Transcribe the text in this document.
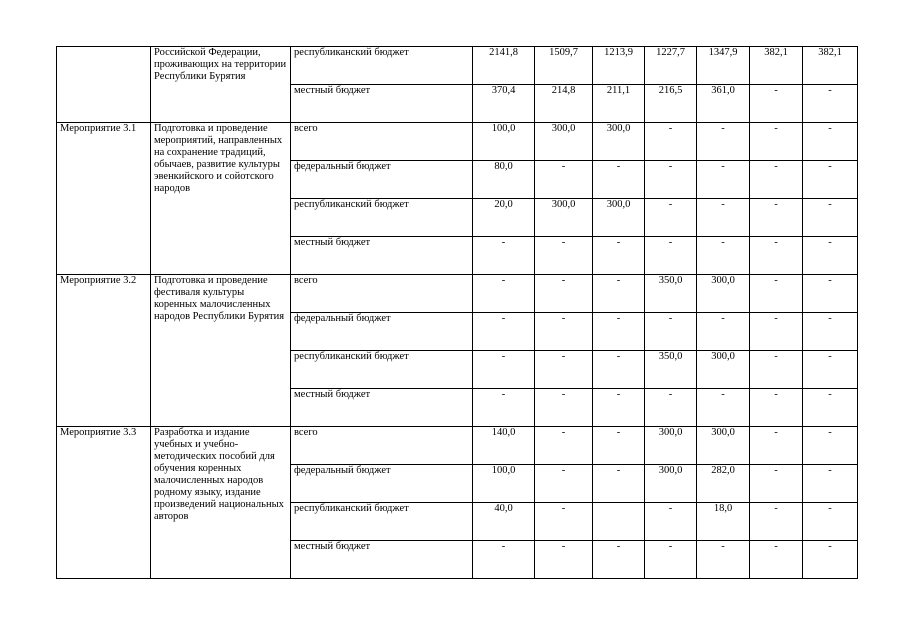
	Российской Федерации, проживающих на территории Республики Бурятия	республиканский бюджет	2141,8	1509,7	1213,9	1227,7	1347,9	382,1	382,1
		местный бюджет	370,4	214,8	211,1	216,5	361,0	-	-
Мероприятие 3.1	Подготовка и проведение мероприятий, направленных на сохранение традиций, обычаев, развитие культуры эвенкийского и сойотского народов	всего	100,0	300,0	300,0	-	-	-	-
		федеральный бюджет	80,0	-	-	-	-	-	-
		республиканский бюджет	20,0	300,0	300,0	-	-	-	-
		местный бюджет	-	-	-	-	-	-	-
Мероприятие 3.2	Подготовка и проведение фестиваля культуры коренных малочисленных народов Республики Бурятия	всего	-	-	-	350,0	300,0	-	-
		федеральный бюджет	-	-	-	-	-	-	-
		республиканский бюджет	-	-	-	350,0	300,0	-	-
		местный бюджет	-	-	-	-	-	-	-
Мероприятие 3.3	Разработка и издание учебных и учебно-методических пособий для обучения коренных малочисленных народов родному языку, издание произведений национальных авторов	всего	140,0	-	-	300,0	300,0	-	-
		федеральный бюджет	100,0	-	-	300,0	282,0	-	-
		республиканский бюджет	40,0	-		-	18,0	-	-
		местный бюджет	-	-	-	-	-	-	-
